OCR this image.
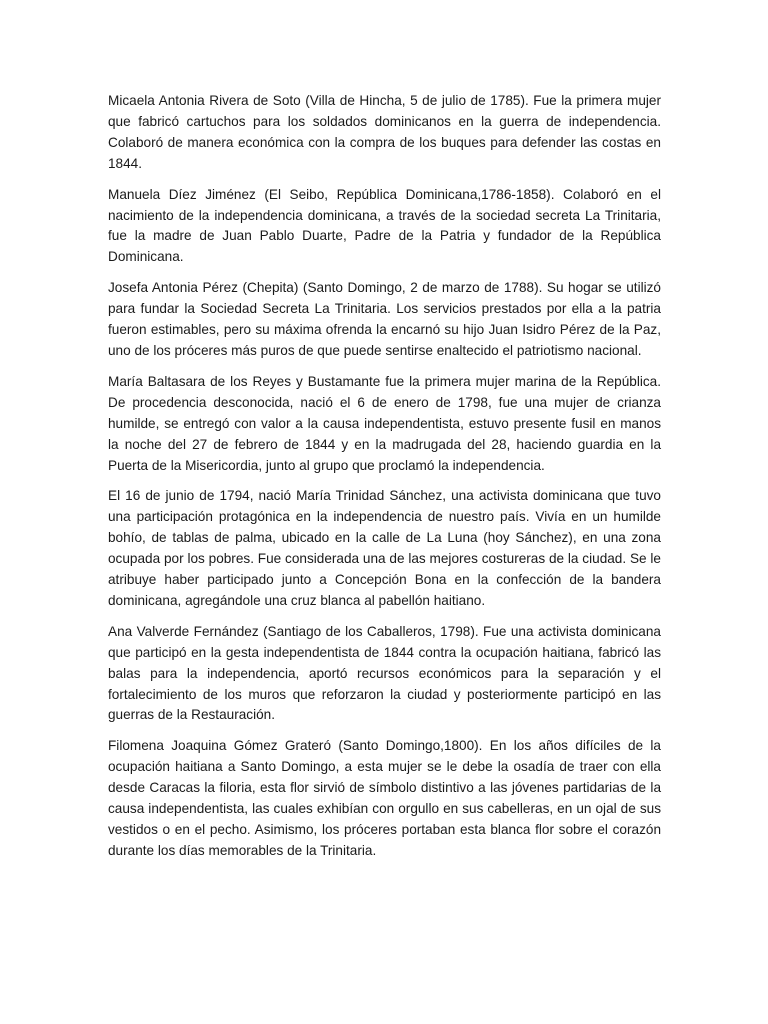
Micaela Antonia Rivera de Soto (Villa de Hincha, 5 de julio de 1785). Fue la primera mujer que fabricó cartuchos para los soldados dominicanos en la guerra de independencia. Colaboró de manera económica con la compra de los buques para defender las costas en 1844.

Manuela Díez Jiménez (El Seibo, República Dominicana,1786-1858). Colaboró en el nacimiento de la independencia dominicana, a través de la sociedad secreta La Trinitaria, fue la madre de Juan Pablo Duarte, Padre de la Patria y fundador de la República Dominicana.

Josefa Antonia Pérez (Chepita) (Santo Domingo, 2 de marzo de 1788). Su hogar se utilizó para fundar la Sociedad Secreta La Trinitaria. Los servicios prestados por ella a la patria fueron estimables, pero su máxima ofrenda la encarnó su hijo Juan Isidro Pérez de la Paz, uno de los próceres más puros de que puede sentirse enaltecido el patriotismo nacional.

María Baltasara de los Reyes y Bustamante fue la primera mujer marina de la República. De procedencia desconocida, nació el 6 de enero de 1798, fue una mujer de crianza humilde, se entregó con valor a la causa independentista, estuvo presente fusil en manos la noche del 27 de febrero de 1844 y en la madrugada del 28, haciendo guardia en la Puerta de la Misericordia, junto al grupo que proclamó la independencia.

El 16 de junio de 1794, nació María Trinidad Sánchez, una activista dominicana que tuvo una participación protagónica en la independencia de nuestro país. Vivía en un humilde bohío, de tablas de palma, ubicado en la calle de La Luna (hoy Sánchez), en una zona ocupada por los pobres. Fue considerada una de las mejores costureras de la ciudad. Se le atribuye haber participado junto a Concepción Bona en la confección de la bandera dominicana, agregándole una cruz blanca al pabellón haitiano.

Ana Valverde Fernández (Santiago de los Caballeros, 1798). Fue una activista dominicana que participó en la gesta independentista de 1844 contra la ocupación haitiana, fabricó las balas para la independencia, aportó recursos económicos para la separación y el fortalecimiento de los muros que reforzaron la ciudad y posteriormente participó en las guerras de la Restauración.

Filomena Joaquina Gómez Grateró (Santo Domingo,1800). En los años difíciles de la ocupación haitiana a Santo Domingo, a esta mujer se le debe la osadía de traer con ella desde Caracas la filoria, esta flor sirvió de símbolo distintivo a las jóvenes partidarias de la causa independentista, las cuales exhibían con orgullo en sus cabelleras, en un ojal de sus vestidos o en el pecho. Asimismo, los próceres portaban esta blanca flor sobre el corazón durante los días memorables de la Trinitaria.
